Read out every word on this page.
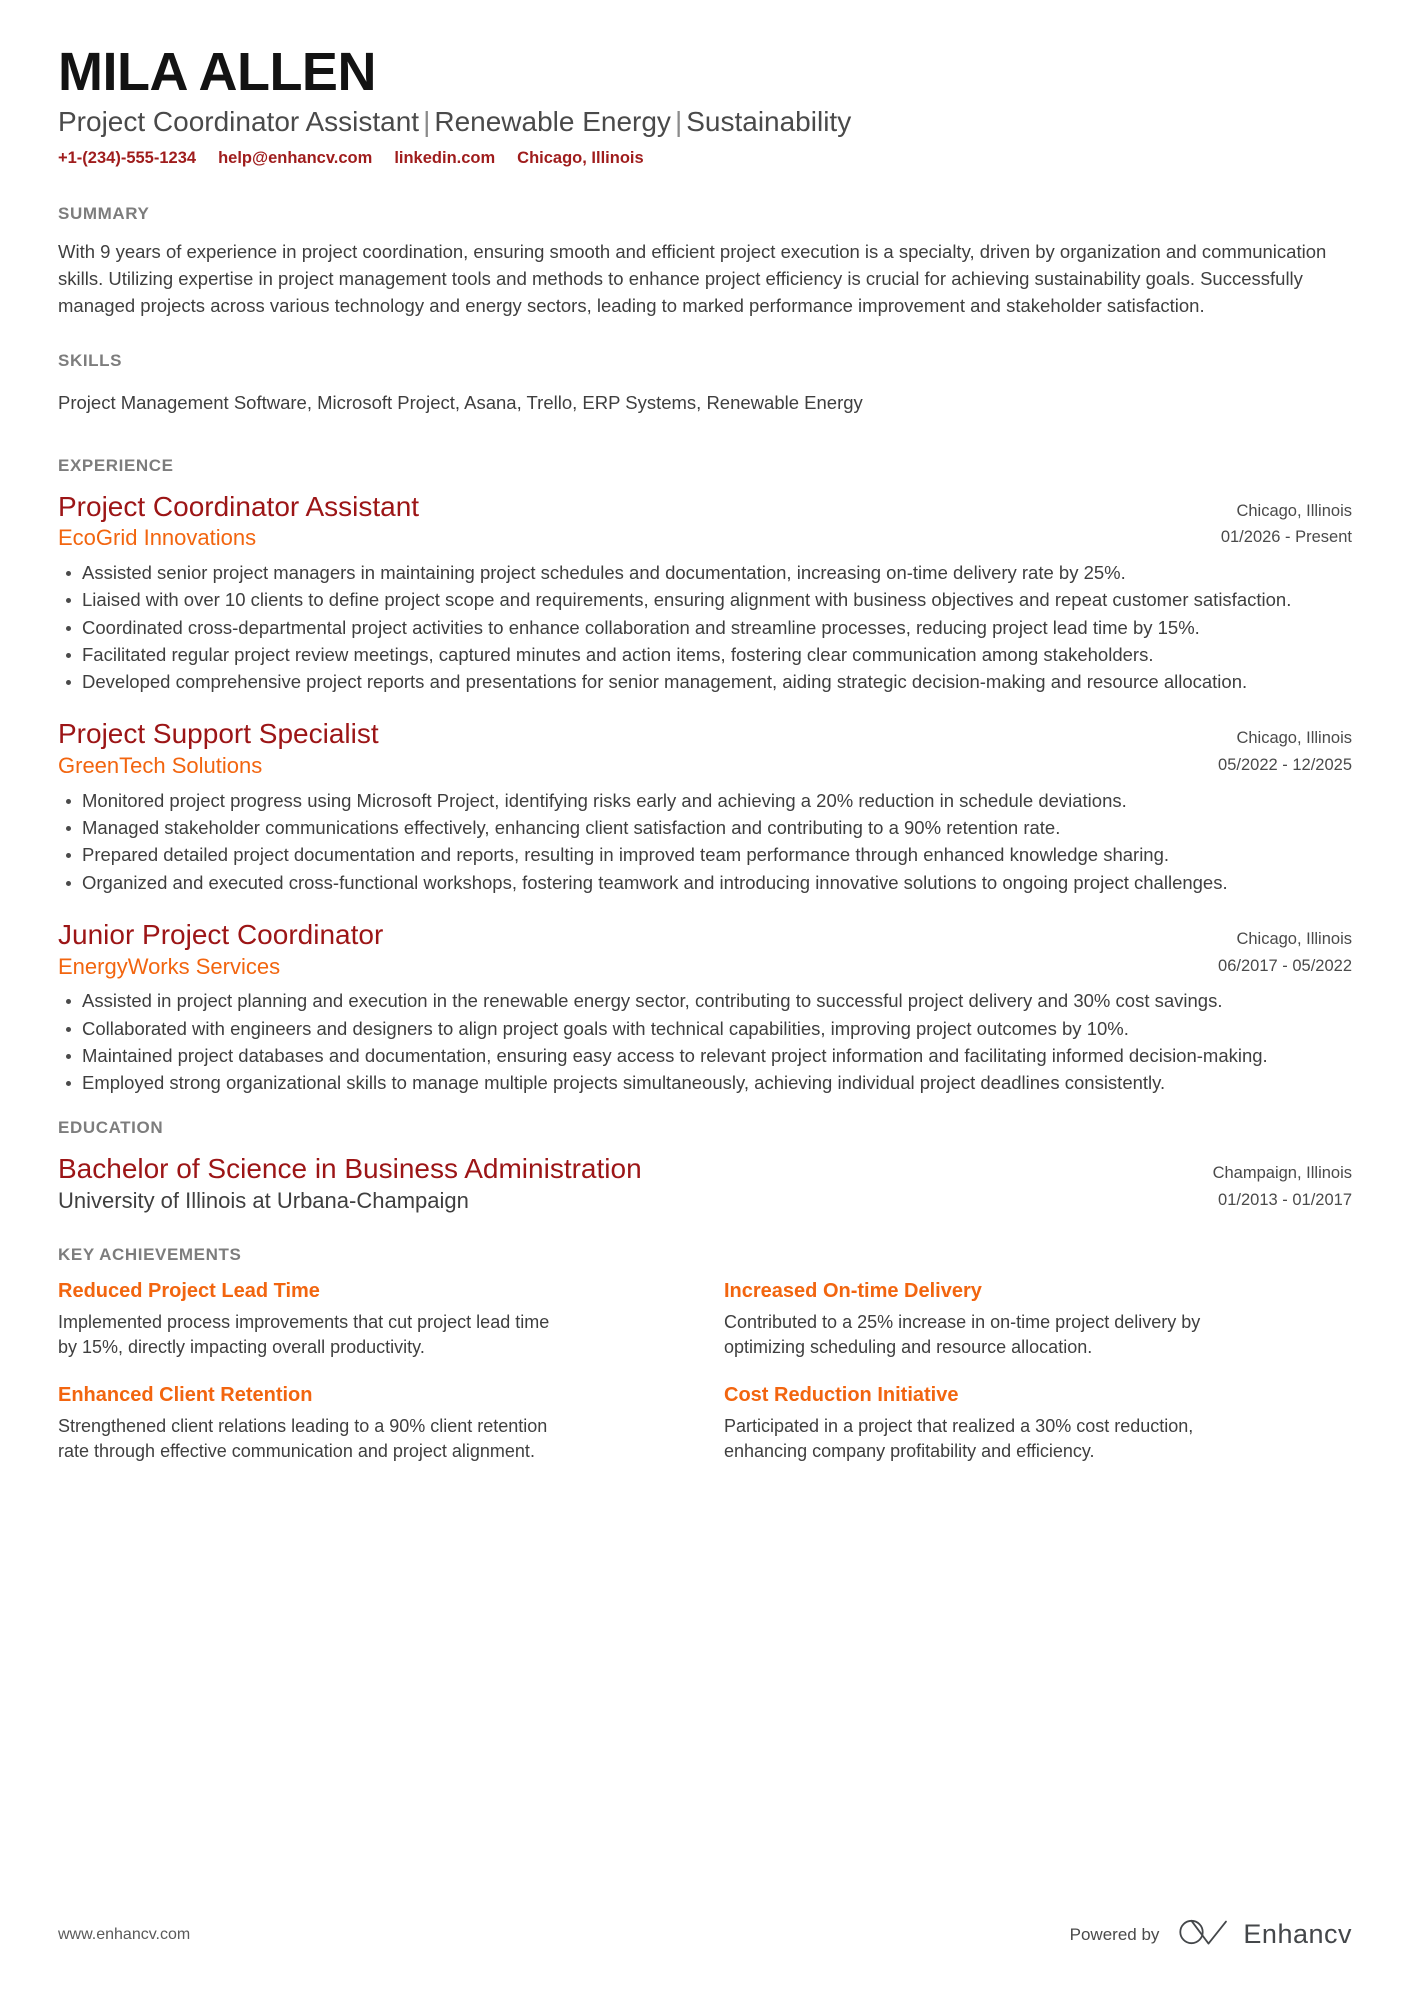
MILA ALLEN
Project Coordinator Assistant | Renewable Energy | Sustainability
+1-(234)-555-1234 help@enhancv.com linkedin.com Chicago, Illinois
SUMMARY

With 9 years of experience in project coordination, ensuring smooth and efficient project execution is a specialty, driven by organization and communication skills. Utilizing expertise in project management tools and methods to enhance project efficiency is crucial for achieving sustainability goals. Successfully managed projects across various technology and energy sectors, leading to marked performance improvement and stakeholder satisfaction.

SKILLS

Project Management Software, Microsoft Project, Asana, Trello, ERP Systems, Renewable Energy

EXPERIENCE
Project Coordinator Assistant
EcoGrid Innovations
Chicago, Illinois
01/2026 - Present
Assisted senior project managers in maintaining project schedules and documentation, increasing on-time delivery rate by 25%.
Liaised with over 10 clients to define project scope and requirements, ensuring alignment with business objectives and repeat customer satisfaction.
Coordinated cross-departmental project activities to enhance collaboration and streamline processes, reducing project lead time by 15%.
Facilitated regular project review meetings, captured minutes and action items, fostering clear communication among stakeholders.
Developed comprehensive project reports and presentations for senior management, aiding strategic decision-making and resource allocation.
Project Support Specialist
GreenTech Solutions
Chicago, Illinois
05/2022 - 12/2025
Monitored project progress using Microsoft Project, identifying risks early and achieving a 20% reduction in schedule deviations.
Managed stakeholder communications effectively, enhancing client satisfaction and contributing to a 90% retention rate.
Prepared detailed project documentation and reports, resulting in improved team performance through enhanced knowledge sharing.
Organized and executed cross-functional workshops, fostering teamwork and introducing innovative solutions to ongoing project challenges.
Junior Project Coordinator
EnergyWorks Services
Chicago, Illinois
06/2017 - 05/2022
Assisted in project planning and execution in the renewable energy sector, contributing to successful project delivery and 30% cost savings.
Collaborated with engineers and designers to align project goals with technical capabilities, improving project outcomes by 10%.
Maintained project databases and documentation, ensuring easy access to relevant project information and facilitating informed decision-making.
Employed strong organizational skills to manage multiple projects simultaneously, achieving individual project deadlines consistently.
EDUCATION
Bachelor of Science in Business Administration
University of Illinois at Urbana-Champaign
Champaign, Illinois
01/2013 - 01/2017
KEY ACHIEVEMENTS
Reduced Project Lead Time

Implemented process improvements that cut project lead time by 15%, directly impacting overall productivity.

Increased On-time Delivery

Contributed to a 25% increase in on-time project delivery by optimizing scheduling and resource allocation.

Enhanced Client Retention

Strengthened client relations leading to a 90% client retention rate through effective communication and project alignment.

Cost Reduction Initiative

Participated in a project that realized a 30% cost reduction, enhancing company profitability and efficiency.

www.enhancv.com	Powered by	Enhancv
